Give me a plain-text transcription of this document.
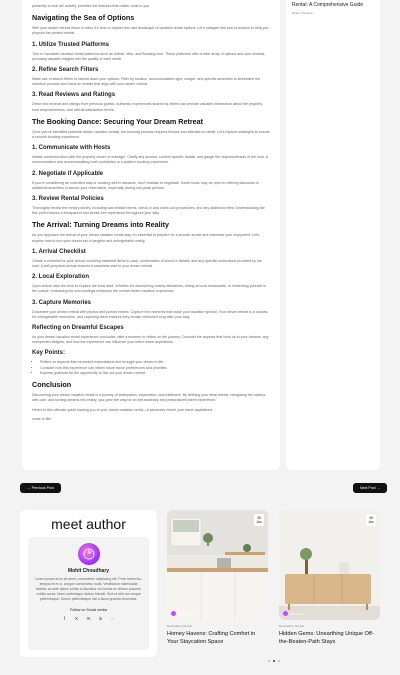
presently to look at!! activity, prioritize the features that matter most to you.

Navigating the Sea of Options

With your dream retreat vision in mind, it's time to explore the vast landscape of vacation rental options. Let's navigate this sea of choices to help you pinpoint the perfect retreat.

1. Utilize Trusted Platforms

Turn to reputable vacation rental platforms such as Airbnb, Vrbo, and Booking.com. These platforms offer a wide array of options and user reviews, providing valuable insights into the quality of each rental.

2. Refine Search Filters

Make use of search filters to narrow down your options. Filter by location, accommodation type, budget, and specific amenities to streamline the selection process and focus on rentals that align with your dream criteria.

3. Read Reviews and Ratings

Delve into reviews and ratings from previous guests. Authentic experiences shared by others can provide valuable information about the property, host responsiveness, and overall satisfaction levels.

The Booking Dance: Securing Your Dream Retreat

Once you've identified potential dream vacation rentals, the booking process requires finesse and attention to detail. Let's explore strategies to ensure a smooth booking experience.

1. Communicate with Hosts

Initiate communication with the property owner or manager. Clarify any queries, confirm specific details, and gauge the responsiveness of the host. A communicative and accommodating host contributes to a positive booking experience.

2. Negotiate if Applicable

If you're considering an extended stay or booking well in advance, don't hesitate to negotiate. Some hosts may be open to offering discounts or additional amenities to secure your reservation, especially during non-peak periods.

3. Review Rental Policies

Thoroughly review the rental policies, including cancellation terms, check-in and check-out procedures, and any additional fees. Understanding the fine print ensures a transparent and stress-free experience throughout your stay.

The Arrival: Turning Dreams into Reality

As you approach the arrival of your dream vacation rental stay, it's essential to prepare for a smooth arrival and maximize your enjoyment. Let's explore how to turn your dream into a tangible and unforgettable reality.

1. Arrival Checklist

Create a checklist for your arrival, including essential items to pack, confirmation of check-in details, and any specific instructions provided by the host. A well-prepared arrival ensures a seamless start to your dream retreat.

2. Local Exploration

Upon arrival, take the time to explore the local area. Whether it's discovering nearby attractions, dining at local restaurants, or immersing yourself in the culture, embracing the surroundings enhances the overall dream vacation experience.

3. Capture Memories

Document your dream retreat with photos and journal entries. Capture the moments that make your vacation special. Your dream retreat is a canvas for unforgettable memories, and capturing them ensures they remain cherished long after your stay.

Reflecting on Dreamful Escapes

As your dream vacation rental experience concludes, take a moment to reflect on the journey. Consider the aspects that lived up to your dreams, any unexpected delights, and how the experience can influence your future travel aspirations.

Key Points:
• Reflect on aspects that exceeded expectations and brought your dream to life.
• Consider how this experience can inform future travel preferences and priorities.
• Express gratitude for the opportunity to live out your dream retreat.
Conclusion

Discovering your dream vacation rental is a journey of anticipation, exploration, and fulfillment. By defining your ideal retreat, navigating the options with care, and turning dreams into reality, you pave the way for an extraordinary and personalized travel experience.

Here's to this ultimate guide leading you to your dream vacation rental—a sanctuary where your travel aspirations

come to life!

Rental: A Comprehensive Guide
Read | Vacation
← Previous Post	Next Post →
meet author
Mohit Choudhary
Lorem ipsum dolor sit amet, consectetur adipiscing elit. Proin lorem leo, tempus et ex a, congue consectetur nulla. Vestibulum malesuada facilisis ac ante ipsum primis in faucibus orci luctus et ultrices posuere cubilia curae; Nunc scelerisque dictum blandit. Sed at velit non neque pellentesque. Donec pellentesque nisi a lacus gravida venenatis.
Follow on Social media
f	X	✉ in	◌
08
Jan
Mohit Chou...
Decoration, Rental
Homey Havens: Crafting Comfort in Your Staycation Space
08
Jan
Mohit Chou...
Decoration, Rental
Hidden Gems: Unearthing Unique Off-the-Beaten-Path Stays
